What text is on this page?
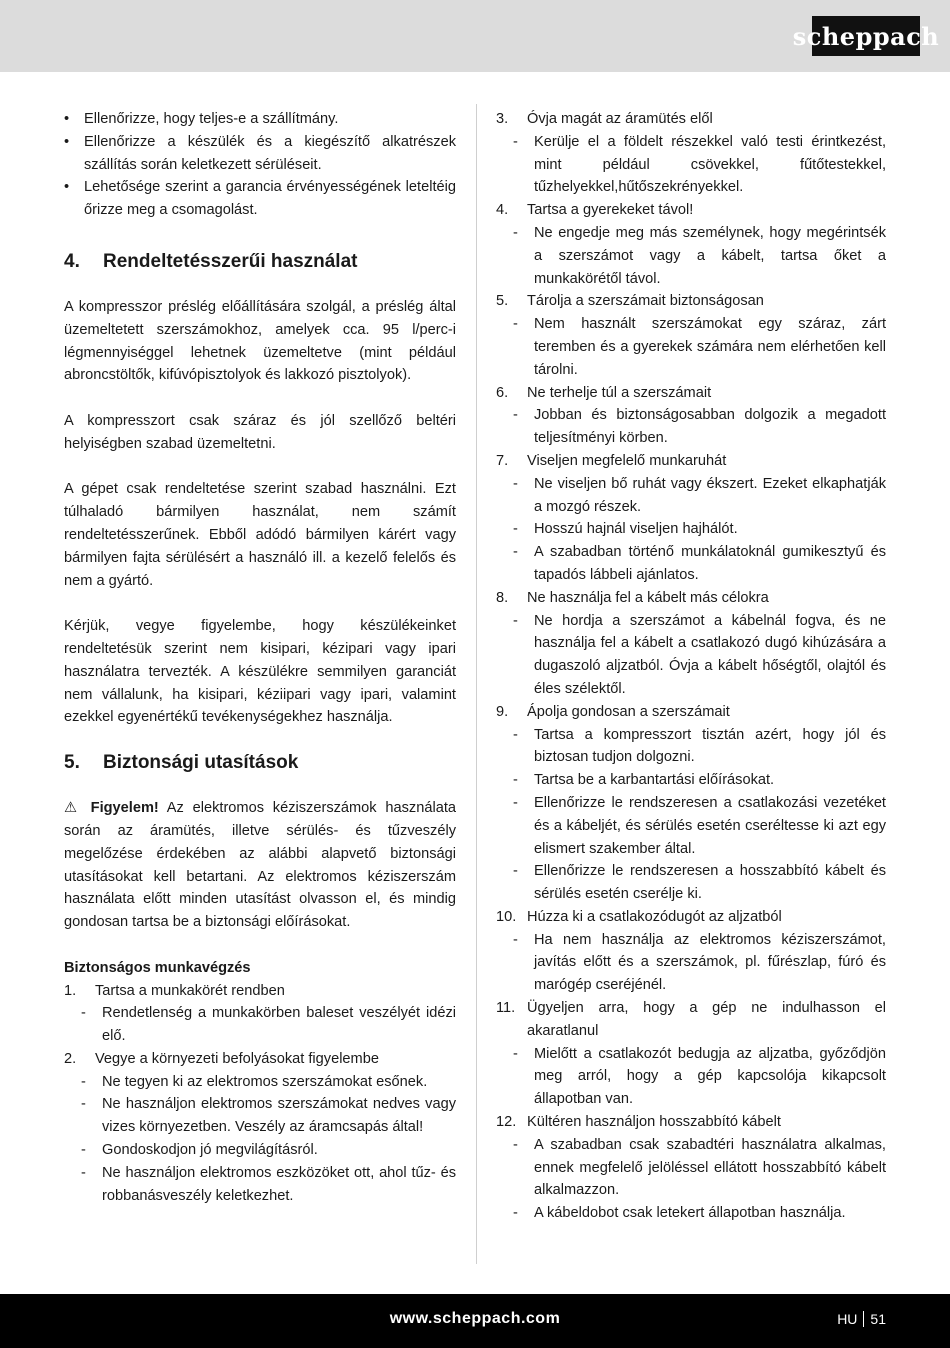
scheppach
• Ellenőrizze, hogy teljes-e a szállítmány.
• Ellenőrizze a készülék és a kiegészítő alkatrészek szállítás során keletkezett sérüléseit.
• Lehetősége szerint a garancia érvényességének leteltéig őrizze meg a csomagolást.
4.	Rendeltetésszerűi használat

A kompresszor préslég előállítására szolgál, a préslég által üzemeltetett szerszámokhoz, amelyek cca. 95 l/perc-i légmennyiséggel lehetnek üzemeltetve (mint például abroncstöltők, kifúvópisztolyok és lakkozó pisztolyok).

A kompresszort csak száraz és jól szellőző beltéri helyiségben szabad üzemeltetni.

A gépet csak rendeltetése szerint szabad használni. Ezt túlhaladó bármilyen használat, nem számít rendeltetésszerűnek. Ebből adódó bármilyen kárért vagy bármilyen fajta sérülésért a használó ill. a kezelő felelős és nem a gyártó.

Kérjük, vegye figyelembe, hogy készülékeinket rendeltetésük szerint nem kisipari, kézipari vagy ipari használatra tervezték. A készülékre semmilyen garanciát nem vállalunk, ha kisipari, kéziipari vagy ipari, valamint ezekkel egyenértékű tevékenységekhez használja.

5.	Biztonsági utasítások

⚠ Figyelem! Az elektromos kéziszerszámok használata során az áramütés, illetve sérülés- és tűzveszély megelőzése érdekében az alábbi alapvető biztonsági utasításokat kell betartani. Az elektromos kéziszerszám használata előtt minden utasítást olvasson el, és mindig gondosan tartsa be a biztonsági előírásokat.

Biztonságos munkavégzés
1. Tartsa a munkakörét rendben
- Rendetlenség a munkakörben baleset veszélyét idézi elő.
2. Vegye a környezeti befolyásokat figyelembe
- Ne tegyen ki az elektromos szerszámokat esőnek.
- Ne használjon elektromos szerszámokat nedves vagy vizes környezetben. Veszély az áramcsapás által!
- Gondoskodjon jó megvilágításról.
- Ne használjon elektromos eszközöket ott, ahol tűz- és robbanásveszély keletkezhet.
3. Óvja magát az áramütés elől
- Kerülje el a földelt részekkel való testi érintkezést, mint például csövekkel, fűtőtestekkel, tűzhelyekkel,hűtőszekrényekkel.
4. Tartsa a gyerekeket távol!
- Ne engedje meg más személynek, hogy megérintsék a szerszámot vagy a kábelt, tartsa őket a munkakörétől távol.
5. Tárolja a szerszámait biztonságosan
- Nem használt szerszámokat egy száraz, zárt teremben és a gyerekek számára nem elérhetően kell tárolni.
6. Ne terhelje túl a szerszámait
- Jobban és biztonságosabban dolgozik a megadott teljesítményi körben.
7. Viseljen megfelelő munkaruhát
- Ne viseljen bő ruhát vagy ékszert. Ezeket elkaphatják a mozgó részek.
- Hosszú hajnál viseljen hajhálót.
- A szabadban történő munkálatoknál gumikesztyű és tapadós lábbeli ajánlatos.
8. Ne használja fel a kábelt más célokra
- Ne hordja a szerszámot a kábelnál fogva, és ne használja fel a kábelt a csatlakozó dugó kihúzására a dugaszoló aljzatból. Óvja a kábelt hőségtől, olajtól és éles szélektől.
9. Ápolja gondosan a szerszámait
- Tartsa a kompresszort tisztán azért, hogy jól és biztosan tudjon dolgozni.
- Tartsa be a karbantartási előírásokat.
- Ellenőrizze le rendszeresen a csatlakozási vezetéket és a kábeljét, és sérülés esetén cseréltesse ki azt egy elismert szakember által.
- Ellenőrizze le rendszeresen a hosszabbító kábelt és sérülés esetén cserélje ki.
10. Húzza ki a csatlakozódugót az aljzatból
- Ha nem használja az elektromos kéziszerszámot, javítás előtt és a szerszámok, pl. fűrészlap, fúró és marógép cseréjénél.
11. Ügyeljen arra, hogy a gép ne indulhasson el akaratlanul
- Mielőtt a csatlakozót bedugja az aljzatba, győződjön meg arról, hogy a gép kapcsolója kikapcsolt állapotban van.
12. Kültéren használjon hosszabbító kábelt
- A szabadban csak szabadtéri használatra alkalmas, ennek megfelelő jelöléssel ellátott hosszabbító kábelt alkalmazzon.
- A kábeldobot csak letekert állapotban használja.
www.scheppach.com	HU 51
